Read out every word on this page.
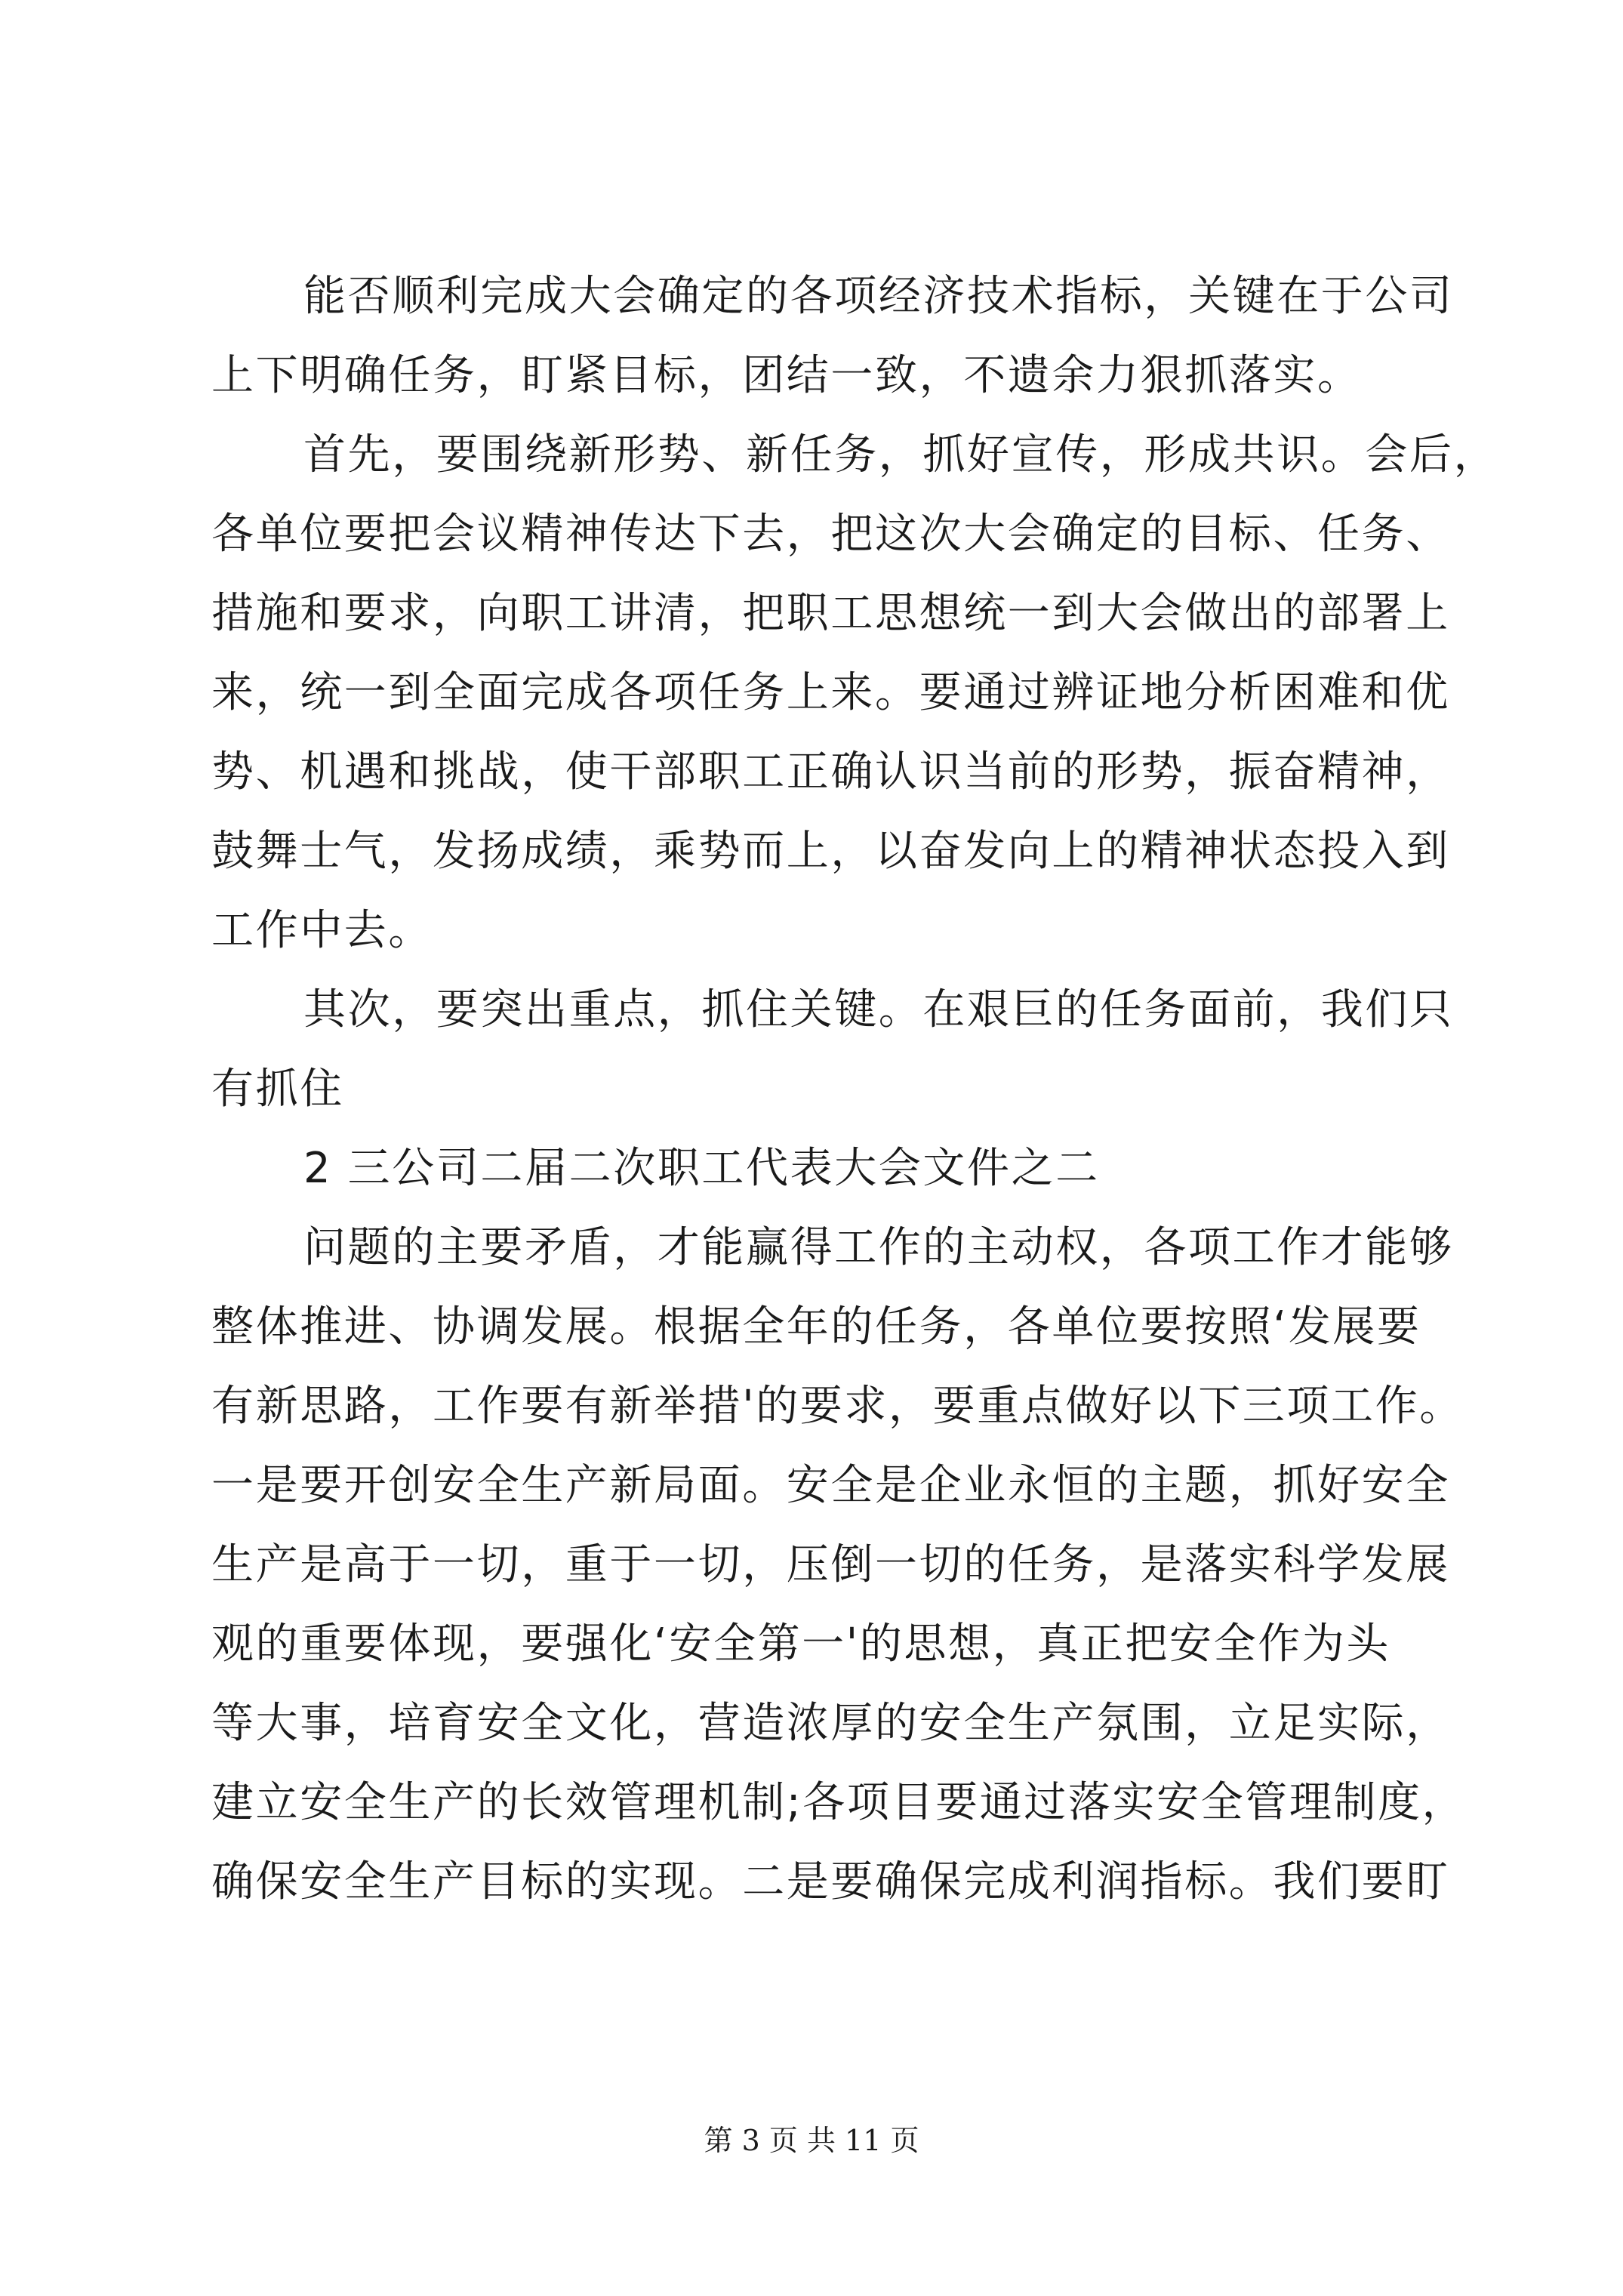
能否顺利完成大会确定的各项经济技术指标，关键在于公司
上下明确任务，盯紧目标，团结一致，不遗余力狠抓落实。
首先，要围绕新形势、新任务，抓好宣传，形成共识。会后，
各单位要把会议精神传达下去，把这次大会确定的目标、任务、
措施和要求，向职工讲清，把职工思想统一到大会做出的部署上
来，统一到全面完成各项任务上来。要通过辨证地分析困难和优
势、机遇和挑战，使干部职工正确认识当前的形势，振奋精神，
鼓舞士气，发扬成绩，乘势而上，以奋发向上的精神状态投入到
工作中去。
其次，要突出重点，抓住关键。在艰巨的任务面前，我们只
有抓住
2 三公司二届二次职工代表大会文件之二
问题的主要矛盾，才能赢得工作的主动权，各项工作才能够
整体推进、协调发展。根据全年的任务，各单位要按照‘发展要
有新思路，工作要有新举措'的要求，要重点做好以下三项工作。
一是要开创安全生产新局面。安全是企业永恒的主题，抓好安全
生产是高于一切，重于一切，压倒一切的任务，是落实科学发展
观的重要体现，要强化‘安全第一'的思想，真正把安全作为头
等大事，培育安全文化，营造浓厚的安全生产氛围，立足实际，
建立安全生产的长效管理机制;各项目要通过落实安全管理制度，
确保安全生产目标的实现。二是要确保完成利润指标。我们要盯
第 3 页 共 11 页
